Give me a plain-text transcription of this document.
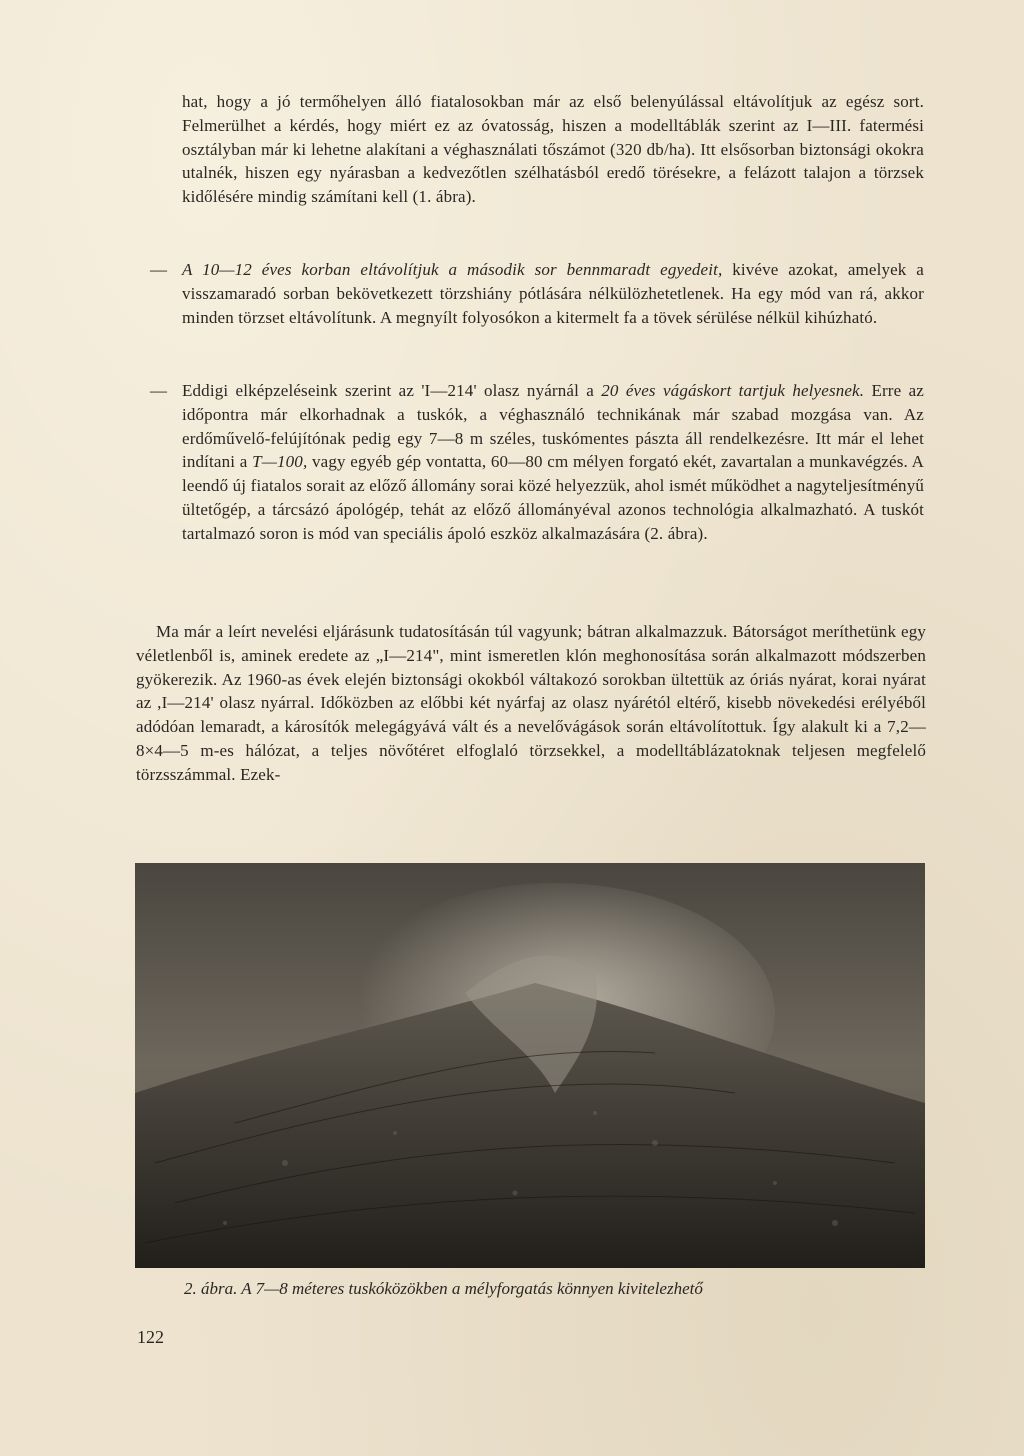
hat, hogy a jó termőhelyen álló fiatalosokban már az első belenyúlással eltávolítjuk az egész sort. Felmerülhet a kérdés, hogy miért ez az óvatosság, hiszen a modelltáblák szerint az I—III. fatermési osztályban már ki lehetne alakítani a véghasználati tőszámot (320 db/ha). Itt elsősorban biztonsági okokra utalnék, hiszen egy nyárasban a kedvezőtlen szélhatásból eredő törésekre, a felázott talajon a törzsek kidőlésére mindig számítani kell (1. ábra).

— A 10—12 éves korban eltávolítjuk a második sor bennmaradt egyedeit, kivéve azokat, amelyek a visszamaradó sorban bekövetkezett törzshiány pótlására nélkülözhetetlenek. Ha egy mód van rá, akkor minden törzset eltávolítunk. A megnyílt folyosókon a kitermelt fa a tövek sérülése nélkül kihúzható.

— Eddigi elképzeléseink szerint az 'I—214' olasz nyárnál a 20 éves vágáskort tartjuk helyesnek. Erre az időpontra már elkorhadnak a tuskók, a véghasználó technikának már szabad mozgása van. Az erdőművelő-felújítónak pedig egy 7—8 m széles, tuskómentes pászta áll rendelkezésre. Itt már el lehet indítani a T—100, vagy egyéb gép vontatta, 60—80 cm mélyen forgató ekét, zavartalan a munkavégzés. A leendő új fiatalos sorait az előző állomány sorai közé helyezzük, ahol ismét működhet a nagyteljesítményű ültetőgép, a tárcsázó ápológép, tehát az előző állományéval azonos technológia alkalmazható. A tuskót tartalmazó soron is mód van speciális ápoló eszköz alkalmazására (2. ábra).

Ma már a leírt nevelési eljárásunk tudatosításán túl vagyunk; bátran alkalmazzuk. Bátorságot meríthetünk egy véletlenből is, aminek eredete az „I—214", mint ismeretlen klón meghonosítása során alkalmazott módszerben gyökerezik. Az 1960-as évek elején biztonsági okokból váltakozó sorokban ültettük az óriás nyárat, korai nyárat az ,I—214' olasz nyárral. Időközben az előbbi két nyárfaj az olasz nyárétól eltérő, kisebb növekedési erélyéből adódóan lemaradt, a károsítók melegágyává vált és a nevelővágások során eltávolítottuk. Így alakult ki a 7,2—8×4—5 m-es hálózat, a teljes növőtéret elfoglaló törzsekkel, a modelltáblázatoknak teljesen megfelelő törzsszámmal. Ezek-

2. ábra. A 7—8 méteres tuskóközökben a mélyforgatás könnyen kivitelezhető
122
